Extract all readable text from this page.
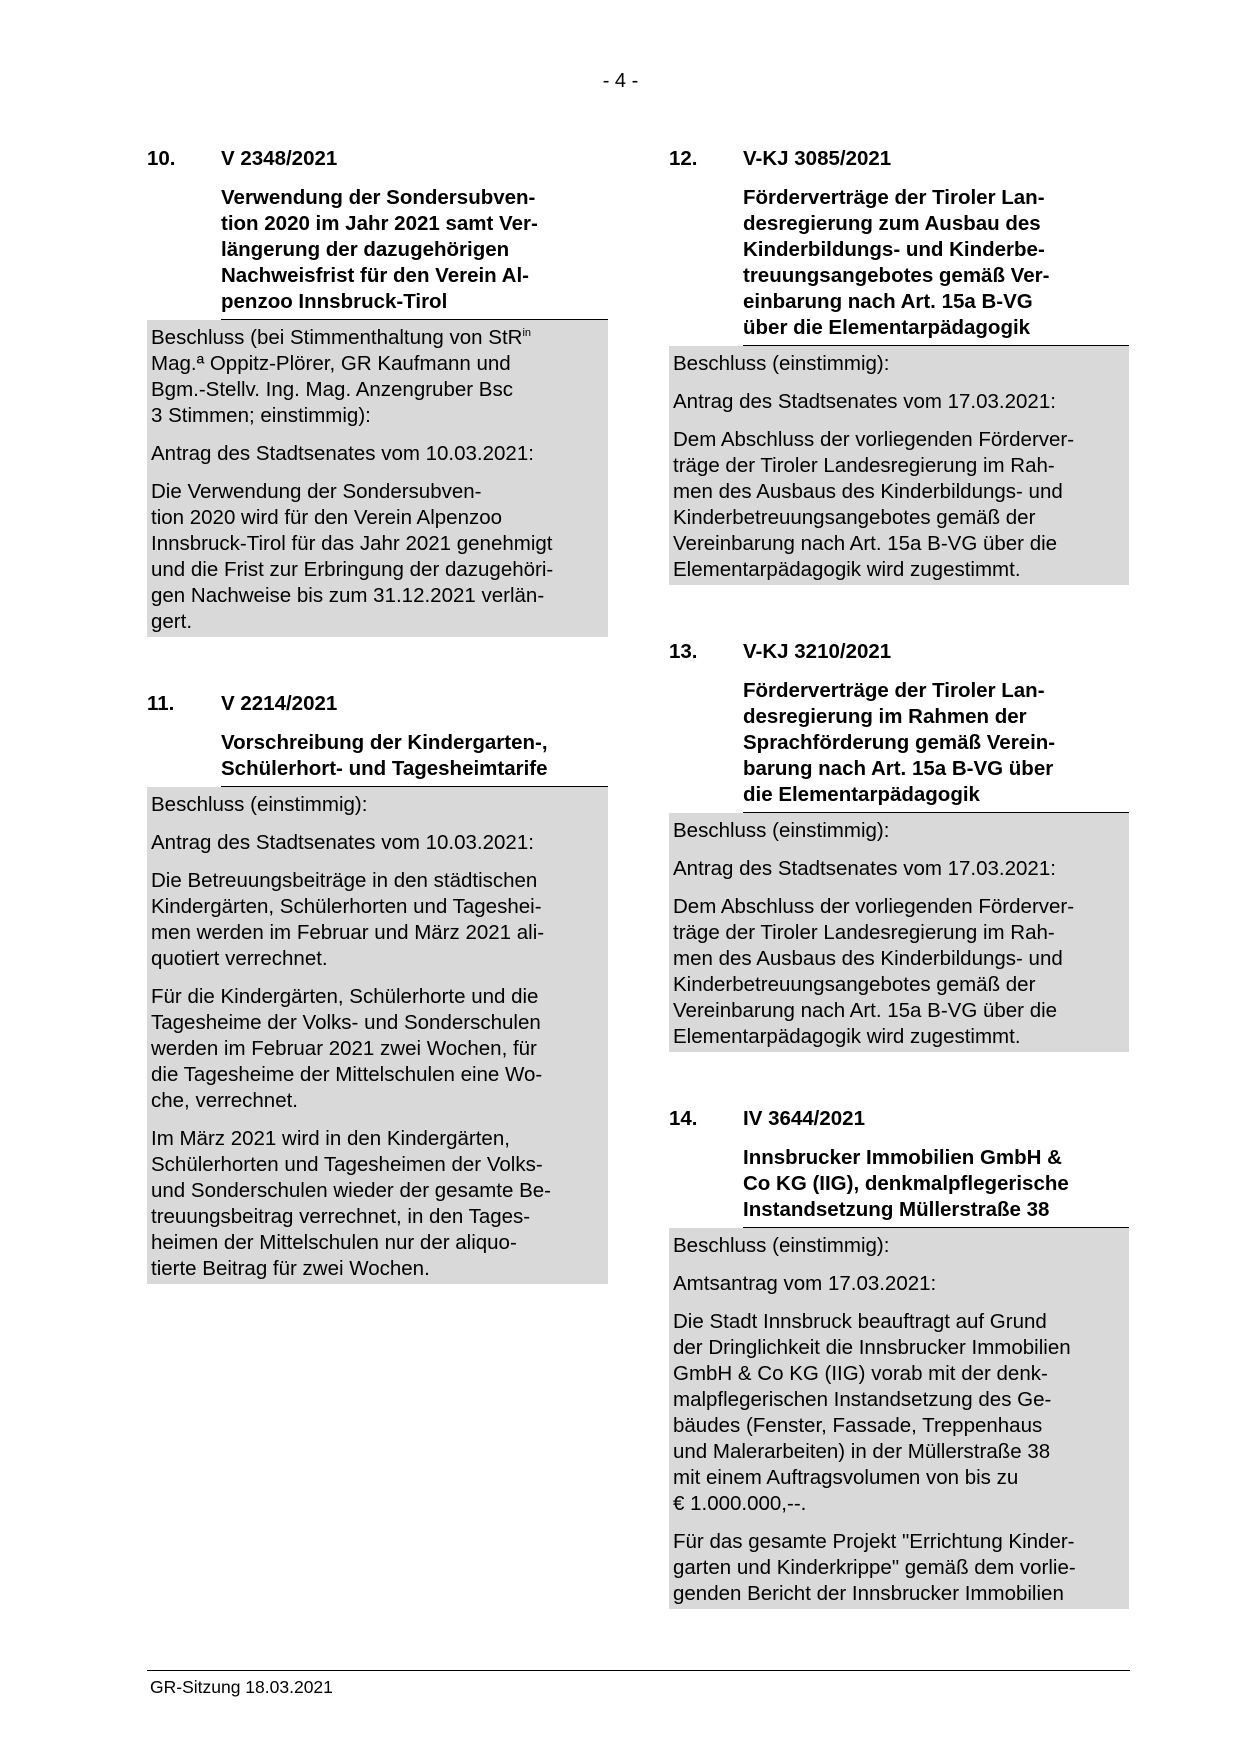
- 4 -
10.	V 2348/2021
Verwendung der Sondersubven-
tion 2020 im Jahr 2021 samt Ver-
längerung der dazugehörigen
Nachweisfrist für den Verein Al-
penzoo Innsbruck-Tirol

Beschluss (bei Stimmenthaltung von StR$^{in}$
Mag.ª Oppitz-Plörer, GR Kaufmann und
Bgm.-Stellv. Ing. Mag. Anzengruber Bsc
3 Stimmen; einstimmig):

Antrag des Stadtsenates vom 10.03.2021:

Die Verwendung der Sondersubven-
tion 2020 wird für den Verein Alpenzoo
Innsbruck-Tirol für das Jahr 2021 genehmigt
und die Frist zur Erbringung der dazugehöri-
gen Nachweise bis zum 31.12.2021 verlän-
gert.

11.	V 2214/2021
Vorschreibung der Kindergarten-,
Schülerhort- und Tagesheimtarife

Beschluss (einstimmig):

Antrag des Stadtsenates vom 10.03.2021:

Die Betreuungsbeiträge in den städtischen
Kindergärten, Schülerhorten und Tageshei-
men werden im Februar und März 2021 ali-
quotiert verrechnet.

Für die Kindergärten, Schülerhorte und die
Tagesheime der Volks- und Sonderschulen
werden im Februar 2021 zwei Wochen, für
die Tagesheime der Mittelschulen eine Wo-
che, verrechnet.

Im März 2021 wird in den Kindergärten,
Schülerhorten und Tagesheimen der Volks-
und Sonderschulen wieder der gesamte Be-
treuungsbeitrag verrechnet, in den Tages-
heimen der Mittelschulen nur der aliquo-
tierte Beitrag für zwei Wochen.

12.	V-KJ 3085/2021
Förderverträge der Tiroler Lan-
desregierung zum Ausbau des
Kinderbildungs- und Kinderbe-
treuungsangebotes gemäß Ver-
einbarung nach Art. 15a B-VG
über die Elementarpädagogik

Beschluss (einstimmig):

Antrag des Stadtsenates vom 17.03.2021:

Dem Abschluss der vorliegenden Förderver-
träge der Tiroler Landesregierung im Rah-
men des Ausbaus des Kinderbildungs- und
Kinderbetreuungsangebotes gemäß der
Vereinbarung nach Art. 15a B-VG über die
Elementarpädagogik wird zugestimmt.

13.	V-KJ 3210/2021
Förderverträge der Tiroler Lan-
desregierung im Rahmen der
Sprachförderung gemäß Verein-
barung nach Art. 15a B-VG über
die Elementarpädagogik

Beschluss (einstimmig):

Antrag des Stadtsenates vom 17.03.2021:

Dem Abschluss der vorliegenden Förderver-
träge der Tiroler Landesregierung im Rah-
men des Ausbaus des Kinderbildungs- und
Kinderbetreuungsangebotes gemäß der
Vereinbarung nach Art. 15a B-VG über die
Elementarpädagogik wird zugestimmt.

14.	IV 3644/2021
Innsbrucker Immobilien GmbH &
Co KG (IIG), denkmalpflegerische
Instandsetzung Müllerstraße 38

Beschluss (einstimmig):

Amtsantrag vom 17.03.2021:

Die Stadt Innsbruck beauftragt auf Grund
der Dringlichkeit die Innsbrucker Immobilien
GmbH & Co KG (IIG) vorab mit der denk-
malpflegerischen Instandsetzung des Ge-
bäudes (Fenster, Fassade, Treppenhaus
und Malerarbeiten) in der Müllerstraße 38
mit einem Auftragsvolumen von bis zu
€ 1.000.000,--.

Für das gesamte Projekt "Errichtung Kinder-
garten und Kinderkrippe" gemäß dem vorlie-
genden Bericht der Innsbrucker Immobilien

GR-Sitzung 18.03.2021
